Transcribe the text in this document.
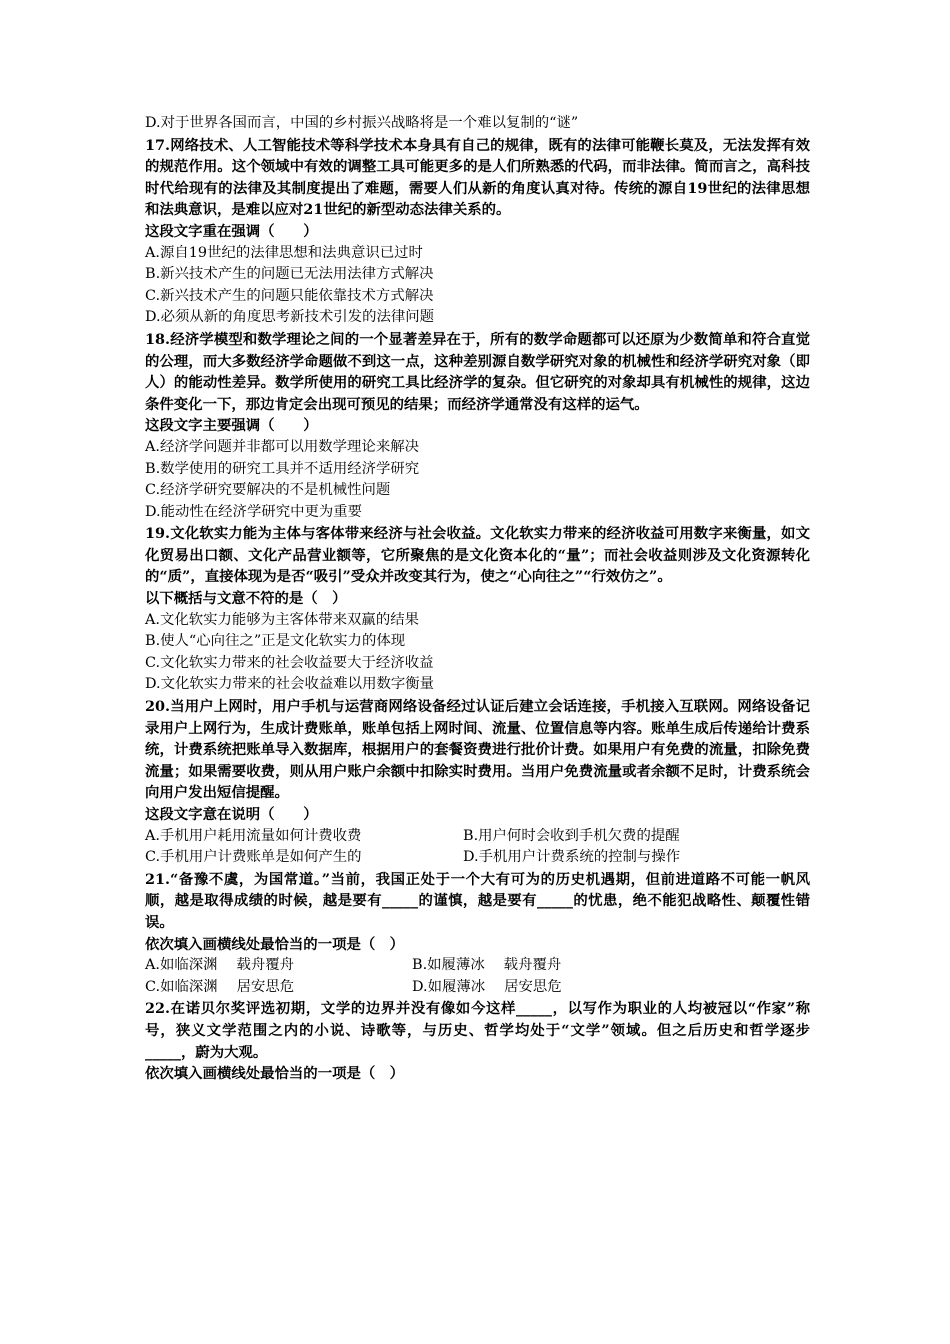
D.对于世界各国而言，中国的乡村振兴战略将是一个难以复制的“谜”
17.网络技术、人工智能技术等科学技术本身具有自己的规律，既有的法律可能鞭长莫及，无法发挥有效的规范作用。这个领域中有效的调整工具可能更多的是人们所熟悉的代码，而非法律。简而言之，高科技时代给现有的法律及其制度提出了难题，需要人们从新的角度认真对待。传统的源自19世纪的法律思想和法典意识，是难以应对21世纪的新型动态法律关系的。
这段文字重在强调（　　）
A.源自19世纪的法律思想和法典意识已过时
B.新兴技术产生的问题已无法用法律方式解决
C.新兴技术产生的问题只能依靠技术方式解决
D.必须从新的角度思考新技术引发的法律问题
18.经济学模型和数学理论之间的一个显著差异在于，所有的数学命题都可以还原为少数简单和符合直觉的公理，而大多数经济学命题做不到这一点，这种差别源自数学研究对象的机械性和经济学研究对象（即人）的能动性差异。数学所使用的研究工具比经济学的复杂。但它研究的对象却具有机械性的规律，这边条件变化一下，那边肯定会出现可预见的结果；而经济学通常没有这样的运气。
这段文字主要强调（　　）
A.经济学问题并非都可以用数学理论来解决
B.数学使用的研究工具并不适用经济学研究
C.经济学研究要解决的不是机械性问题
D.能动性在经济学研究中更为重要
19.文化软实力能为主体与客体带来经济与社会收益。文化软实力带来的经济收益可用数字来衡量，如文化贸易出口额、文化产品营业额等，它所聚焦的是文化资本化的“量”；而社会收益则涉及文化资源转化的“质”，直接体现为是否“吸引”受众并改变其行为，使之“心向往之”“行效仿之”。
以下概括与文意不符的是（　）
A.文化软实力能够为主客体带来双赢的结果
B.使人“心向往之”正是文化软实力的体现
C.文化软实力带来的社会收益要大于经济收益
D.文化软实力带来的社会收益难以用数字衡量
20.当用户上网时，用户手机与运营商网络设备经过认证后建立会话连接，手机接入互联网。网络设备记录用户上网行为，生成计费账单，账单包括上网时间、流量、位置信息等内容。账单生成后传递给计费系统，计费系统把账单导入数据库，根据用户的套餐资费进行批价计费。如果用户有免费的流量，扣除免费流量；如果需要收费，则从用户账户余额中扣除实时费用。当用户免费流量或者余额不足时，计费系统会向用户发出短信提醒。
这段文字意在说明（　　）
A.手机用户耗用流量如何计费收费	B.用户何时会收到手机欠费的提醒
C.手机用户计费账单是如何产生的	D.手机用户计费系统的控制与操作
21.“备豫不虞，为国常道。”当前，我国正处于一个大有可为的历史机遇期，但前进道路不可能一帆风顺，越是取得成绩的时候，越是要有_____的谨慎，越是要有_____的忧患，绝不能犯战略性、颠覆性错误。
依次填入画横线处最恰当的一项是（　）
A.如临深渊　 载舟覆舟	B.如履薄冰　 载舟覆舟
C.如临深渊　 居安思危	D.如履薄冰　 居安思危
22.在诺贝尔奖评选初期，文学的边界并没有像如今这样_____，以写作为职业的人均被冠以“作家”称号，狭义文学范围之内的小说、诗歌等，与历史、哲学均处于“文学”领域。但之后历史和哲学逐步 _____，蔚为大观。
依次填入画横线处最恰当的一项是（　）
